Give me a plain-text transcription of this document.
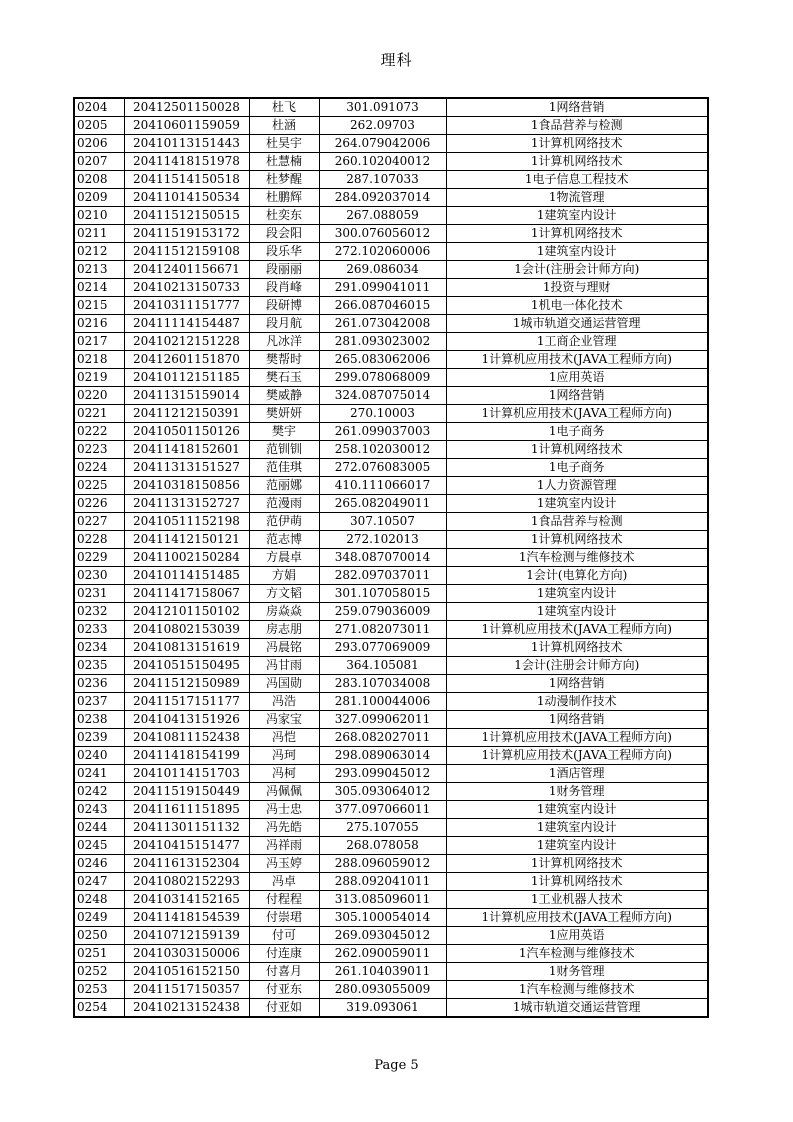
理科
0204	20412501150028	杜飞	301.091073	1网络营销
0205	20410601159059	杜涵	262.09703	1食品营养与检测
0206	20410113151443	杜昊宇	264.079042006	1计算机网络技术
0207	20411418151978	杜慧楠	260.102040012	1计算机网络技术
0208	20411514150518	杜梦醒	287.107033	1电子信息工程技术
0209	20411014150534	杜鹏辉	284.092037014	1物流管理
0210	20411512150515	杜奕东	267.088059	1建筑室内设计
0211	20411519153172	段会阳	300.076056012	1计算机网络技术
0212	20411512159108	段乐华	272.102060006	1建筑室内设计
0213	20412401156671	段丽丽	269.086034	1会计(注册会计师方向)
0214	20410213150733	段肖峰	291.099041011	1投资与理财
0215	20410311151777	段研博	266.087046015	1机电一体化技术
0216	20411114154487	段月航	261.073042008	1城市轨道交通运营管理
0217	20410212151228	凡冰洋	281.093023002	1工商企业管理
0218	20412601151870	樊帮时	265.083062006	1计算机应用技术(JAVA工程师方向)
0219	20410112151185	樊石玉	299.078068009	1应用英语
0220	20411315159014	樊威静	324.087075014	1网络营销
0221	20411212150391	樊妍妍	270.10003	1计算机应用技术(JAVA工程师方向)
0222	20410501150126	樊宇	261.099037003	1电子商务
0223	20411418152601	范钏钏	258.102030012	1计算机网络技术
0224	20411313151527	范佳琪	272.076083005	1电子商务
0225	20410318150856	范丽娜	410.111066017	1人力资源管理
0226	20411313152727	范漫雨	265.082049011	1建筑室内设计
0227	20410511152198	范伊萌	307.10507	1食品营养与检测
0228	20411412150121	范志博	272.102013	1计算机网络技术
0229	20411002150284	方晨卓	348.087070014	1汽车检测与维修技术
0230	20410114151485	方娟	282.097037011	1会计(电算化方向)
0231	20411417158067	方文韬	301.107058015	1建筑室内设计
0232	20412101150102	房焱焱	259.079036009	1建筑室内设计
0233	20410802153039	房志朋	271.082073011	1计算机应用技术(JAVA工程师方向)
0234	20410813151619	冯晨铭	293.077069009	1计算机网络技术
0235	20410515150495	冯甘雨	364.105081	1会计(注册会计师方向)
0236	20411512150989	冯国勋	283.107034008	1网络营销
0237	20411517151177	冯浩	281.100044006	1动漫制作技术
0238	20410413151926	冯家宝	327.099062011	1网络营销
0239	20410811152438	冯恺	268.082027011	1计算机应用技术(JAVA工程师方向)
0240	20411418154199	冯珂	298.089063014	1计算机应用技术(JAVA工程师方向)
0241	20410114151703	冯柯	293.099045012	1酒店管理
0242	20411519150449	冯佩佩	305.093064012	1财务管理
0243	20411611151895	冯士忠	377.097066011	1建筑室内设计
0244	20411301151132	冯先皓	275.107055	1建筑室内设计
0245	20410415151477	冯祥雨	268.078058	1建筑室内设计
0246	20411613152304	冯玉婷	288.096059012	1计算机网络技术
0247	20410802152293	冯卓	288.092041011	1计算机网络技术
0248	20410314152165	付程程	313.085096011	1工业机器人技术
0249	20411418154539	付崇珺	305.100054014	1计算机应用技术(JAVA工程师方向)
0250	20410712159139	付可	269.093045012	1应用英语
0251	20410303150006	付连康	262.090059011	1汽车检测与维修技术
0252	20410516152150	付喜月	261.104039011	1财务管理
0253	20411517150357	付亚东	280.093055009	1汽车检测与维修技术
0254	20410213152438	付亚如	319.093061	1城市轨道交通运营管理
Page 5
